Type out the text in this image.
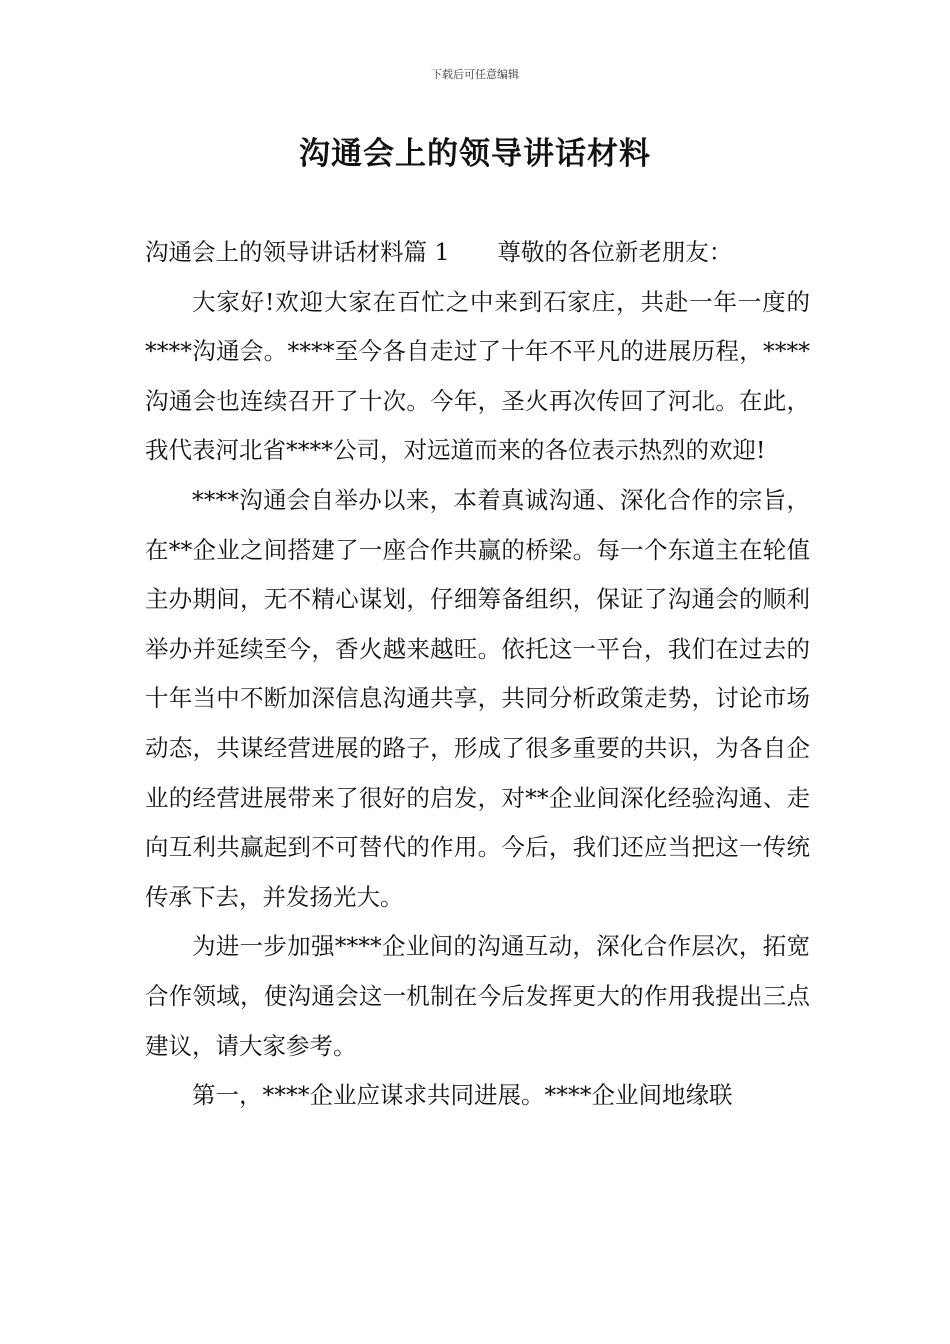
下载后可任意编辑
沟通会上的领导讲话材料

沟通会上的领导讲话材料篇 1 尊敬的各位新老朋友：

大家好!欢迎大家在百忙之中来到石家庄，共赴一年一度的****沟通会。****至今各自走过了十年不平凡的进展历程，****沟通会也连续召开了十次。今年，圣火再次传回了河北。在此，我代表河北省****公司，对远道而来的各位表示热烈的欢迎!

****沟通会自举办以来，本着真诚沟通、深化合作的宗旨，在**企业之间搭建了一座合作共赢的桥梁。每一个东道主在轮值主办期间，无不精心谋划，仔细筹备组织，保证了沟通会的顺利举办并延续至今，香火越来越旺。依托这一平台，我们在过去的十年当中不断加深信息沟通共享，共同分析政策走势，讨论市场动态，共谋经营进展的路子，形成了很多重要的共识，为各自企业的经营进展带来了很好的启发，对**企业间深化经验沟通、走向互利共赢起到不可替代的作用。今后，我们还应当把这一传统传承下去，并发扬光大。

为进一步加强****企业间的沟通互动，深化合作层次，拓宽合作领域，使沟通会这一机制在今后发挥更大的作用我提出三点建议，请大家参考。

第一，****企业应谋求共同进展。****企业间地缘联
